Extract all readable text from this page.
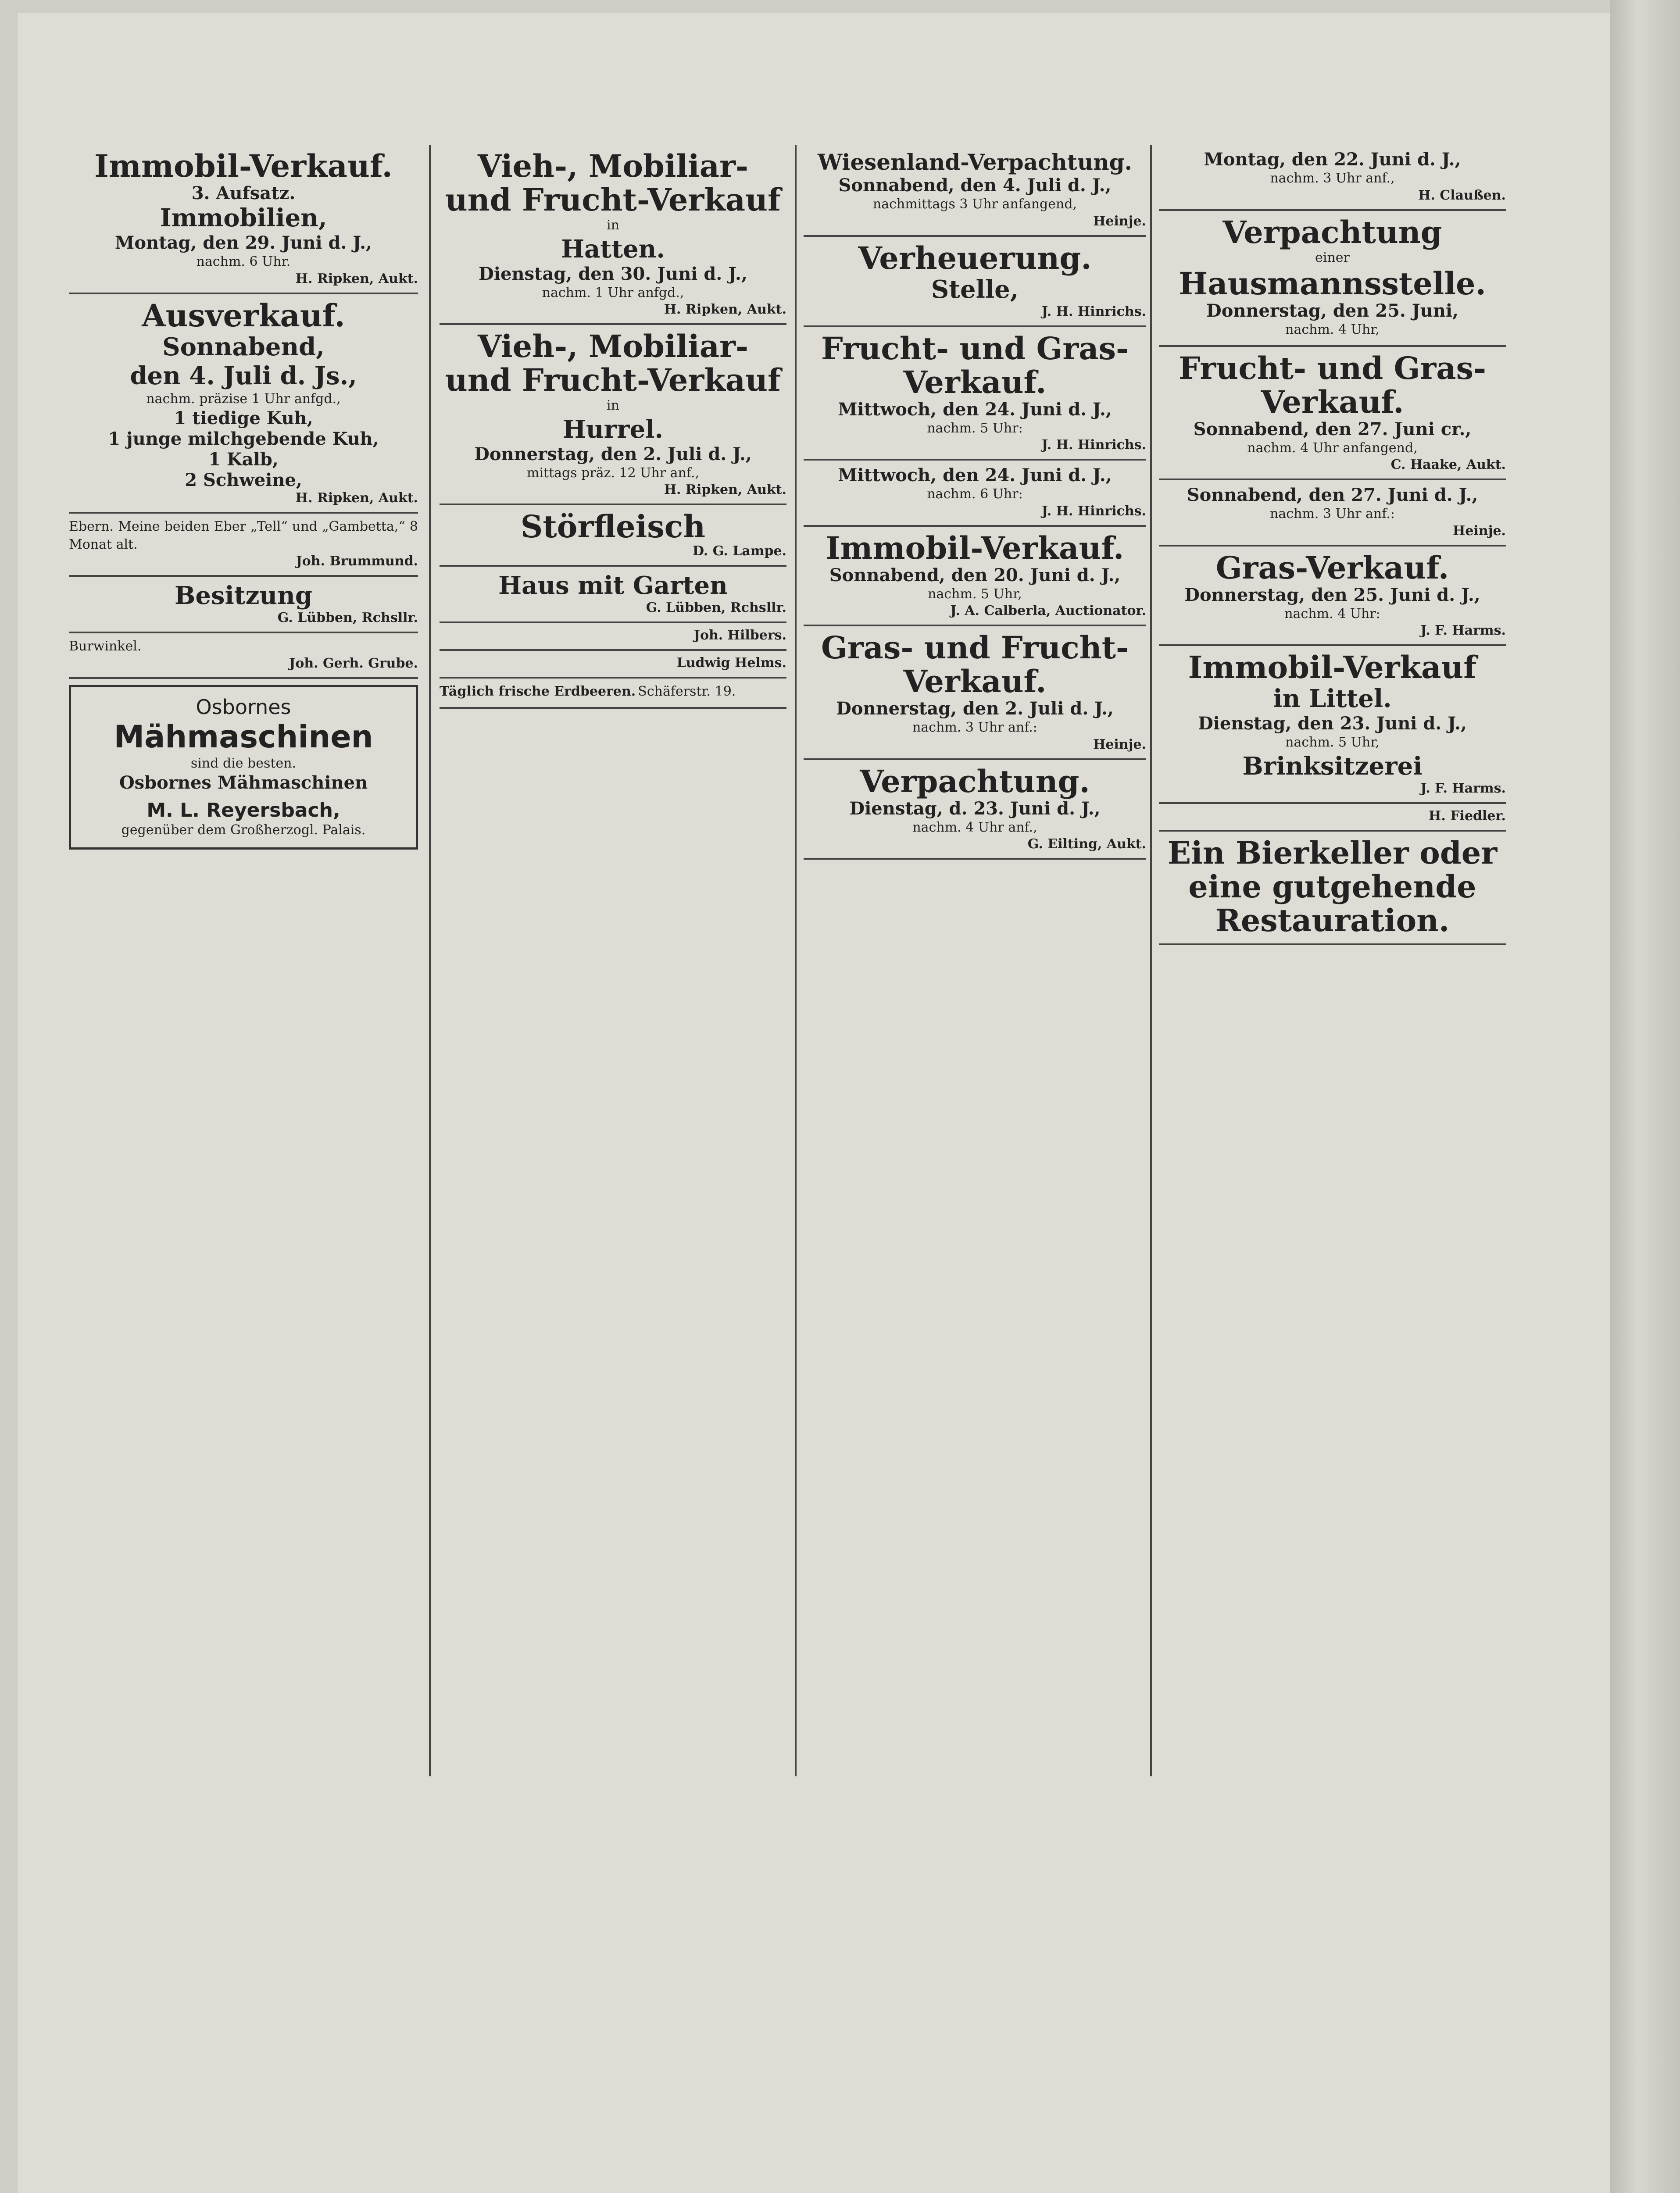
Immobil-Verkauf.
3. Aufsatz.
Immobilien,
Montag, den 29. Juni d. J.,
nachm. 6 Uhr.
H. Ripken, Aukt.
Ausverkauf.
Sonnabend,
den 4. Juli d. Js.,
nachm. präzise 1 Uhr anfgd.,
1 tiedige Kuh,
1 junge milchgebende Kuh,
1 Kalb,
2 Schweine,
H. Ripken, Aukt.
Ebern. Meine beiden Eber „Tell“ und „Gambetta,“ 8 Monat alt.
Joh. Brummund.
Besitzung
G. Lübben, Rchsllr.
Burwinkel.
Joh. Gerh. Grube.
Osbornes
Mähmaschinen
sind die besten.
Osbornes Mähmaschinen
M. L. Reyersbach,
gegenüber dem Großherzogl. Palais.
Vieh-, Mobiliar- und Frucht-Verkauf
in
Hatten.
Dienstag, den 30. Juni d. J.,
nachm. 1 Uhr anfgd.,
H. Ripken, Aukt.
Vieh-, Mobiliar- und Frucht-Verkauf
in
Hurrel.
Donnerstag, den 2. Juli d. J.,
mittags präz. 12 Uhr anf.,
H. Ripken, Aukt.
Störfleisch
D. G. Lampe.
Haus mit Garten
G. Lübben, Rchsllr.
Joh. Hilbers.
Ludwig Helms.
Täglich frische Erdbeeren. Schäferstr. 19.
Wiesenland-Verpachtung.
Sonnabend, den 4. Juli d. J.,
nachmittags 3 Uhr anfangend,
Heinje.
Verheuerung.
Stelle,
J. H. Hinrichs.
Frucht- und Gras-Verkauf.
Mittwoch, den 24. Juni d. J.,
nachm. 5 Uhr:
J. H. Hinrichs.
Mittwoch, den 24. Juni d. J.,
nachm. 6 Uhr:
J. H. Hinrichs.
Immobil-Verkauf.
Sonnabend, den 20. Juni d. J.,
nachm. 5 Uhr,
J. A. Calberla, Auctionator.
Gras- und Frucht-Verkauf.
Donnerstag, den 2. Juli d. J.,
nachm. 3 Uhr anf.:
Heinje.
Verpachtung.
Dienstag, d. 23. Juni d. J.,
nachm. 4 Uhr anf.,
G. Eilting, Aukt.
Montag, den 22. Juni d. J.,
nachm. 3 Uhr anf.,
H. Claußen.
Verpachtung
einer
Hausmannsstelle.
Donnerstag, den 25. Juni,
nachm. 4 Uhr,
Frucht- und Gras-Verkauf.
Sonnabend, den 27. Juni cr.,
nachm. 4 Uhr anfangend,
C. Haake, Aukt.
Sonnabend, den 27. Juni d. J.,
nachm. 3 Uhr anf.:
Heinje.
Gras-Verkauf.
Donnerstag, den 25. Juni d. J.,
nachm. 4 Uhr:
J. F. Harms.
Immobil-Verkauf
in Littel.
Dienstag, den 23. Juni d. J.,
nachm. 5 Uhr,
Brinksitzerei
J. F. Harms.
H. Fiedler.
Ein Bierkeller oder eine gutgehende Restauration.
